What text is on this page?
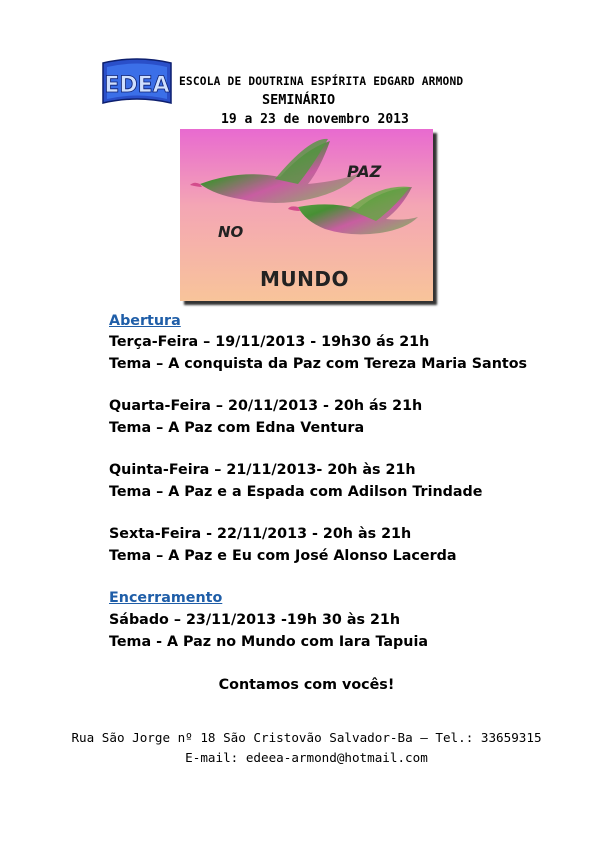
EDEA ESCOLA DE DOUTRINA ESPÍRITA EDGARD ARMOND
SEMINÁRIO
19 a 23 de novembro 2013
PAZ
NO
MUNDO
Abertura
Terça-Feira – 19/11/2013 - 19h30 ás 21h
Tema – A conquista da Paz com Tereza Maria Santos
Quarta-Feira – 20/11/2013 - 20h ás 21h
Tema – A Paz com Edna Ventura
Quinta-Feira – 21/11/2013- 20h às 21h
Tema – A Paz e a Espada com Adilson Trindade
Sexta-Feira - 22/11/2013 - 20h às 21h
Tema – A Paz e Eu com José Alonso Lacerda
Encerramento
Sábado – 23/11/2013 -19h 30 às 21h
Tema - A Paz no Mundo com Iara Tapuia
Contamos com vocês!
Rua São Jorge nº 18 São Cristovão Salvador-Ba – Tel.: 33659315
E-mail: edeea-armond@hotmail.com
